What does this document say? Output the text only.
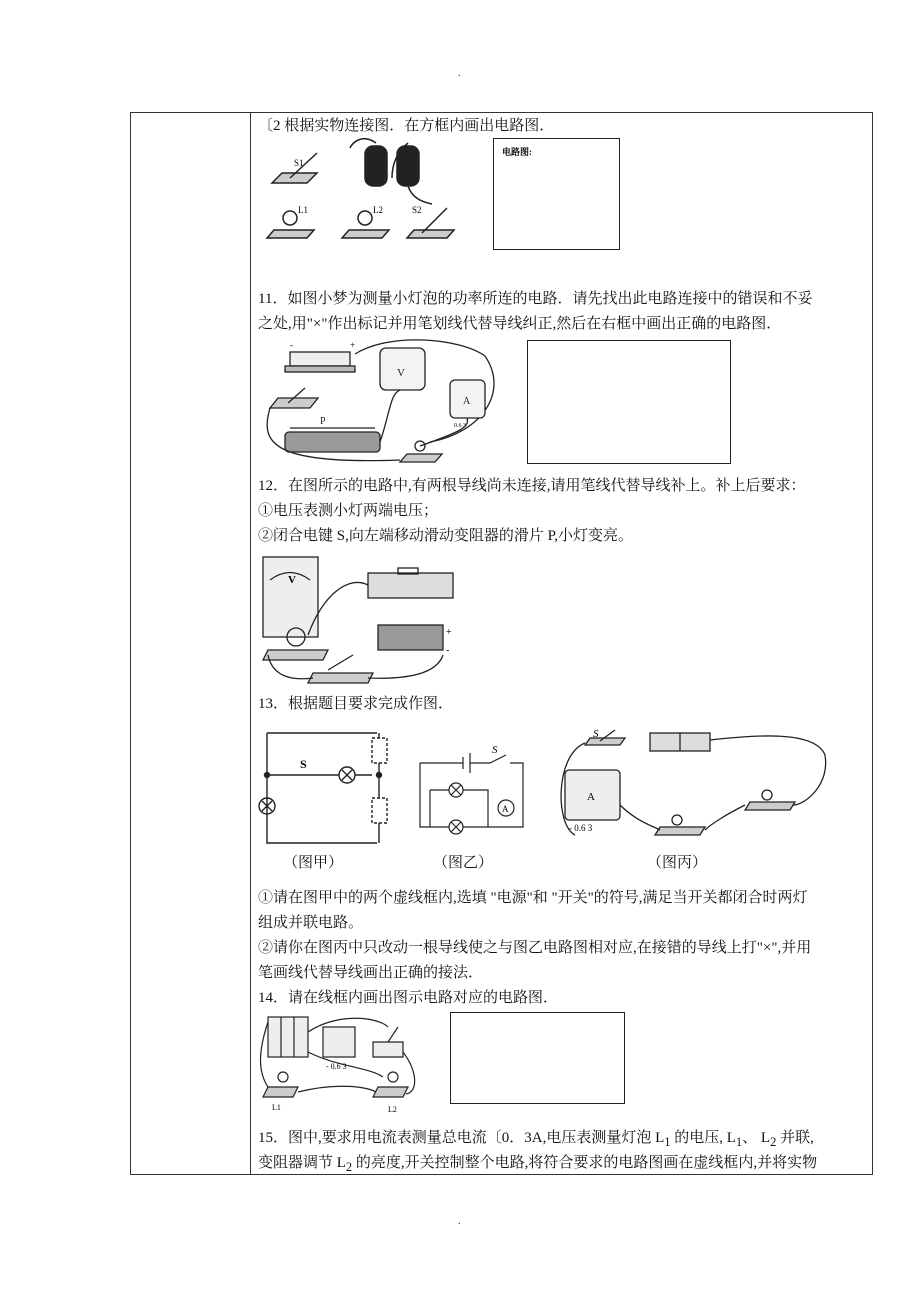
.
.
〔2 根据实物连接图．在方框内画出电路图．
S1
L1	L2	S2
电路图:
11．如图小梦为测量小灯泡的功率所连的电路．请先找出此电路连接中的错误和不妥
之处,用"×"作出标记并用笔划线代替导线纠正,然后在右框中画出正确的电路图．
V
A
P
-	+
0.6 3
12．在图所示的电路中,有两根导线尚未连接,请用笔线代替导线补上。补上后要求：
①电压表测小灯两端电压；
②闭合电键 S,向左端移动滑动变阻器的滑片 P,小灯变亮。
V
+
-
13．根据题目要求完成作图．
S
S
A
S
A
- 0.6 3
（图甲）	（图乙）	（图丙）
①请在图甲中的两个虚线框内,选填 "电源"和 "开关"的符号,满足当开关都闭合时两灯
组成并联电路。
②请你在图丙中只改动一根导线使之与图乙电路图相对应,在接错的导线上打"×",并用
笔画线代替导线画出正确的接法．
14．请在线框内画出图示电路对应的电路图．
- 0.6 3
L1	L2
15．图中,要求用电流表测量总电流〔0．3A,电压表测量灯泡 $L_1$ 的电压, $L_1$、 $L_2$ 并联,
变阻器调节 $L_2$ 的亮度,开关控制整个电路,将符合要求的电路图画在虚线框内,并将实物
